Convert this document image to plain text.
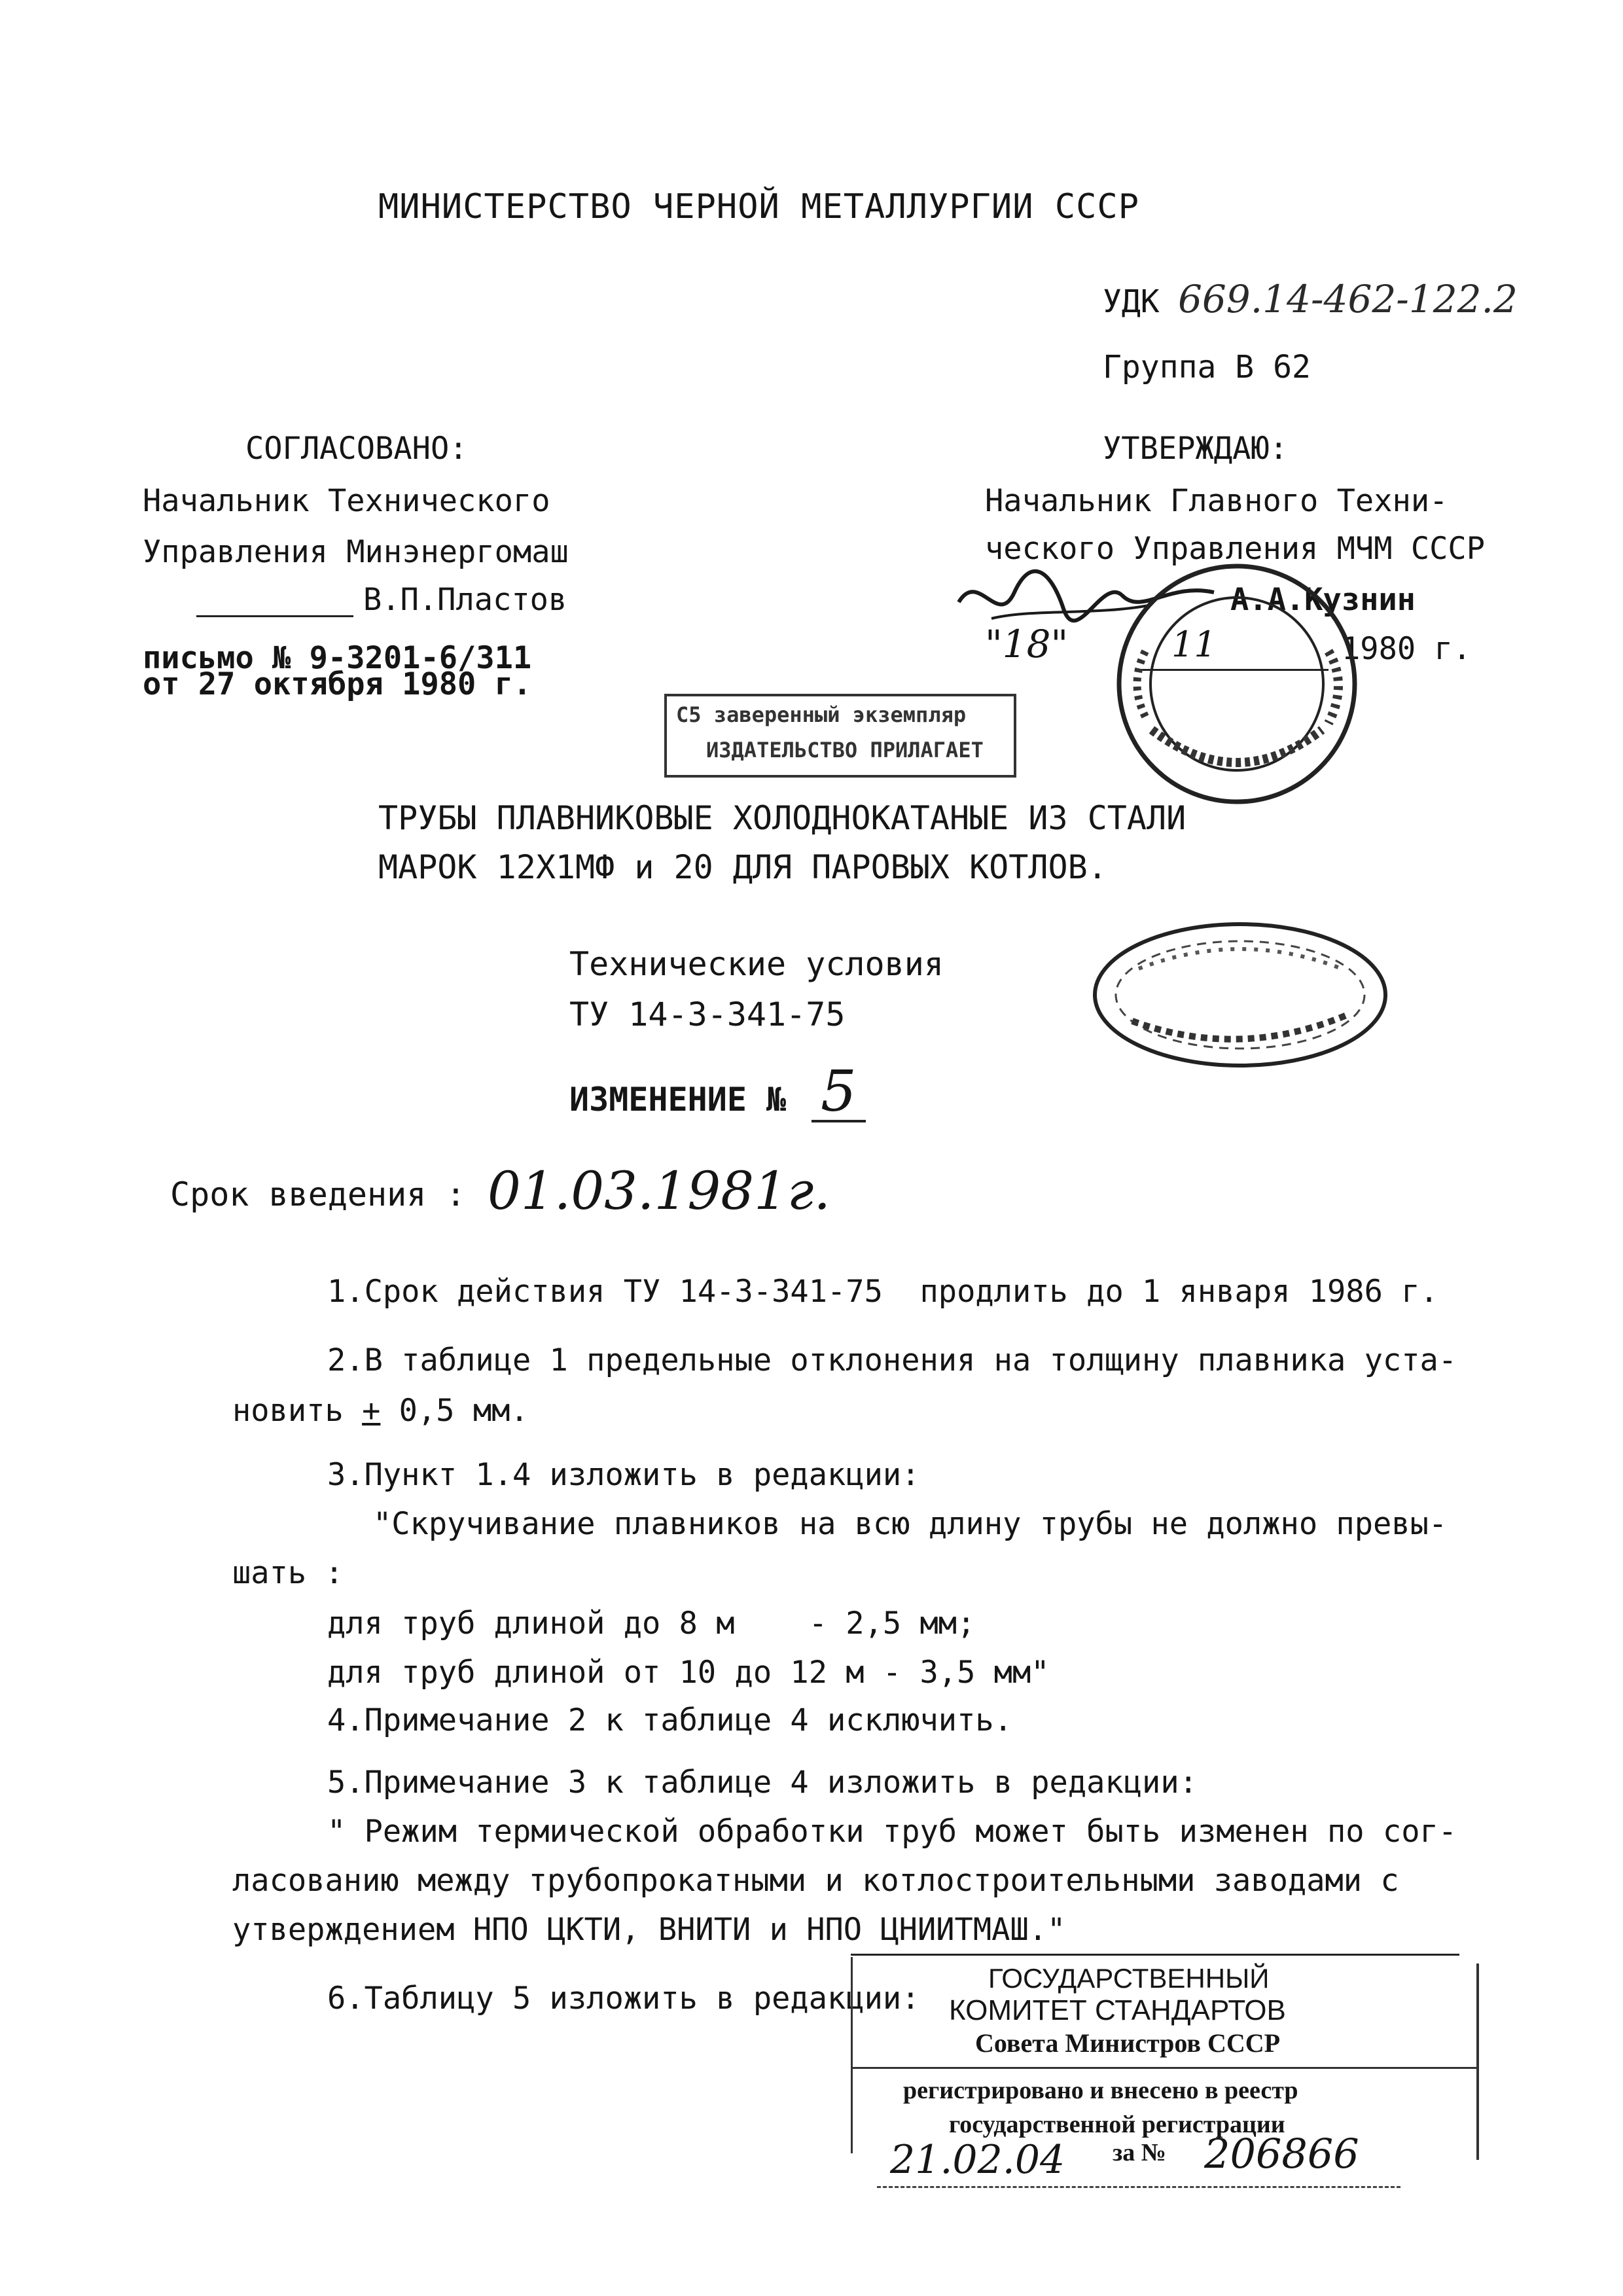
МИНИСТЕРСТВО ЧЕРНОЙ МЕТАЛЛУРГИИ СССР
УДК 669.14-462-122.2
Группа В 62
СОГЛАСОВАНО:
Начальник Технического
Управления Минэнергомаш
В.П.Пластов
письмо № 9-3201-6/311
от 27 октября 1980 г.
УТВЕРЖДАЮ:
Начальник Главного Техни-
ческого Управления МЧМ СССР
А.А.Кузнин
"18"	11	1980 г.
С5 заверенный экземпляр
ИЗДАТЕЛЬСТВО ПРИЛАГАЕТ
ТРУБЫ ПЛАВНИКОВЫЕ ХОЛОДНОКАТАНЫЕ ИЗ СТАЛИ
МАРОК 12Х1МФ и 20 ДЛЯ ПАРОВЫХ КОТЛОВ.
Технические условия
ТУ 14-3-341-75
ИЗМЕНЕНИЕ № 5
Срок введения : 01.03.1981г.
1.Срок действия ТУ 14-3-341-75  продлить до 1 января 1986 г.
2.В таблице 1 предельные отклонения на толщину плавника уста-
новить + 0,5 мм.
3.Пункт 1.4 изложить в редакции:
"Скручивание плавников на всю длину трубы не должно превы-
шать :
для труб длиной до 8 м    - 2,5 мм;
для труб длиной от 10 до 12 м - 3,5 мм"
4.Примечание 2 к таблице 4 исключить.
5.Примечание 3 к таблице 4 изложить в редакции:
" Режим термической обработки труб может быть изменен по сог-
ласованию между трубопрокатными и котлостроительными заводами с
утверждением НПО ЦКТИ, ВНИТИ и НПО ЦНИИТМАШ."
6.Таблицу 5 изложить в редакции:
ГОСУДАРСТВЕННЫЙ
КОМИТЕТ СТАНДАРТОВ
Совета Министров СССР
регистрировано и внесено в реестр
государственной регистрации
21.02.04 за № 206866
